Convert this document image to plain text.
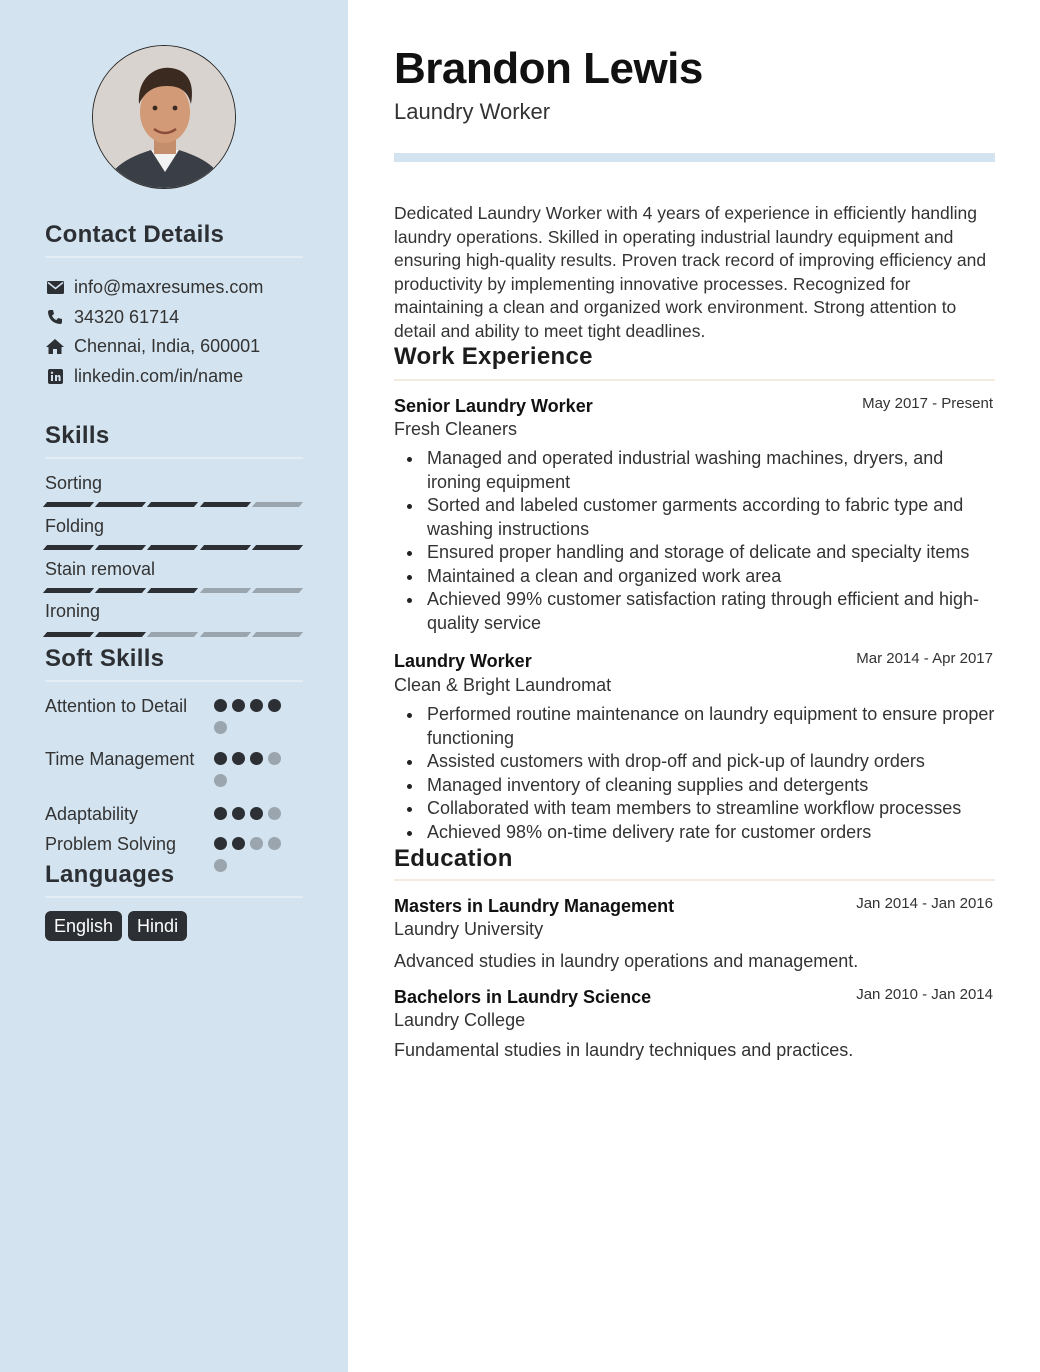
Contact Details
info@maxresumes.com
34320 61714
Chennai, India, 600001
linkedin.com/in/name
Skills
Sorting
Folding
Stain removal
Ironing
Soft Skills
Attention to Detail
Time Management
Adaptability
Problem Solving
Languages
English	Hindi
Brandon Lewis
Laundry Worker
Dedicated Laundry Worker with 4 years of experience in efficiently handling laundry operations. Skilled in operating industrial laundry equipment and ensuring high-quality results. Proven track record of improving efficiency and productivity by implementing innovative processes. Recognized for maintaining a clean and organized work environment. Strong attention to detail and ability to meet tight deadlines.
Work Experience
Senior Laundry Worker	May 2017 - Present
Fresh Cleaners
Managed and operated industrial washing machines, dryers, and ironing equipment
Sorted and labeled customer garments according to fabric type and washing instructions
Ensured proper handling and storage of delicate and specialty items
Maintained a clean and organized work area
Achieved 99% customer satisfaction rating through efficient and high-quality service
Laundry Worker	Mar 2014 - Apr 2017
Clean & Bright Laundromat
Performed routine maintenance on laundry equipment to ensure proper functioning
Assisted customers with drop-off and pick-up of laundry orders
Managed inventory of cleaning supplies and detergents
Collaborated with team members to streamline workflow processes
Achieved 98% on-time delivery rate for customer orders
Education
Masters in Laundry Management	Jan 2014 - Jan 2016
Laundry University
Advanced studies in laundry operations and management.
Bachelors in Laundry Science	Jan 2010 - Jan 2014
Laundry College
Fundamental studies in laundry techniques and practices.
